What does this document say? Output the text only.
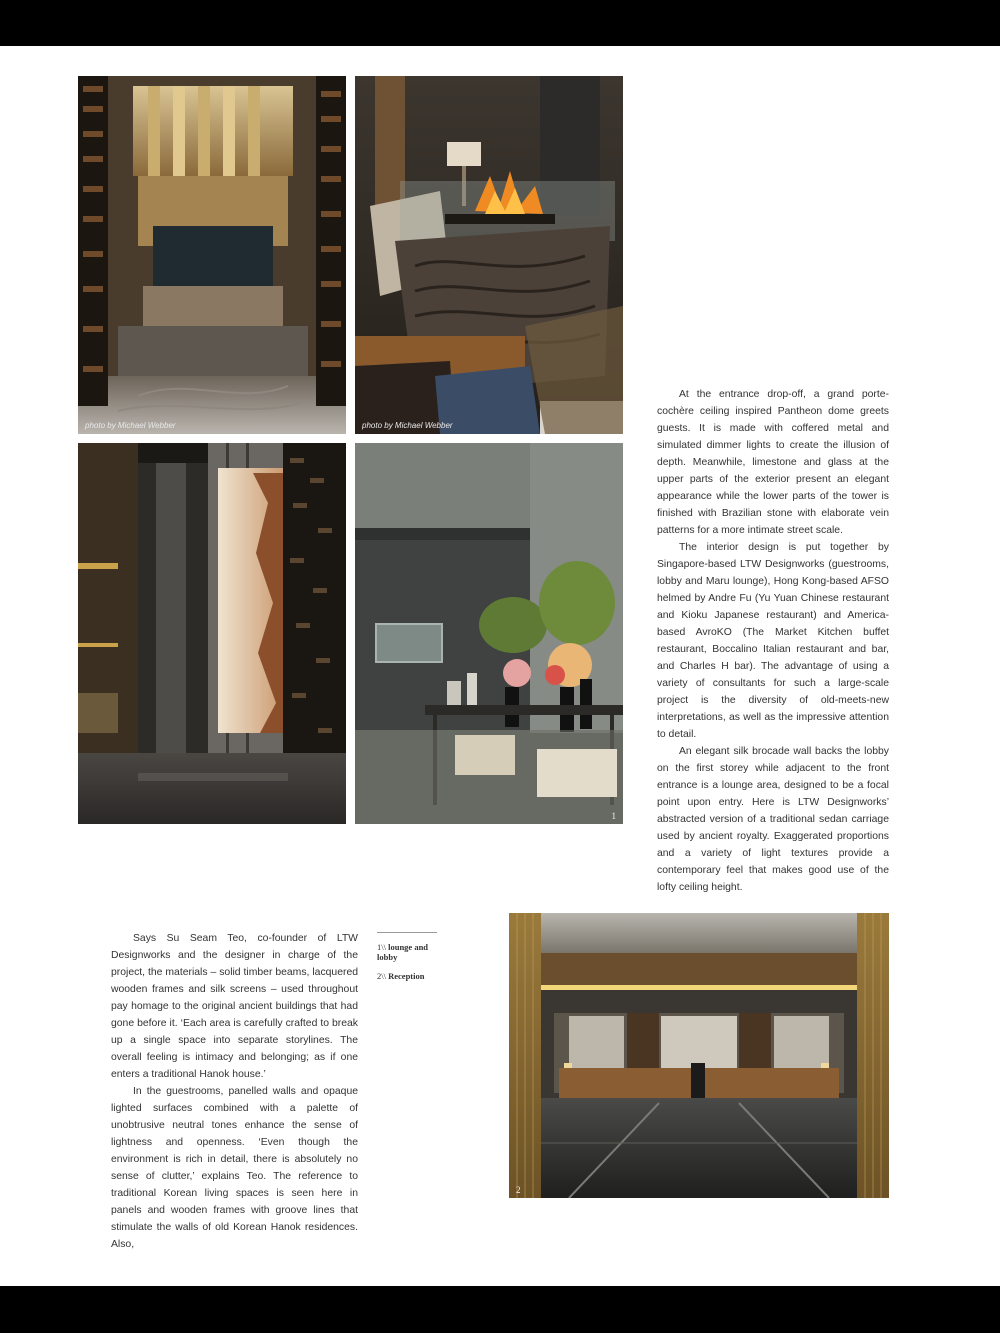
photo by Michael Webber	photo by Michael Webber
1

At the entrance drop-off, a grand porte-cochère ceiling inspired Pantheon dome greets guests. It is made with coffered metal and simulated dimmer lights to create the illusion of depth. Meanwhile, limestone and glass at the upper parts of the exterior present an elegant appearance while the lower parts of the tower is finished with Brazilian stone with elaborate vein patterns for a more intimate street scale.

The interior design is put together by Singapore-based LTW Designworks (guestrooms, lobby and Maru lounge), Hong Kong-based AFSO helmed by Andre Fu (Yu Yuan Chinese restaurant and Kioku Japanese restaurant) and America-based AvroKO (The Market Kitchen buffet restaurant, Boccalino Italian restaurant and bar, and Charles H bar). The advantage of using a variety of consultants for such a large-scale project is the diversity of old-meets-new interpretations, as well as the impressive attention to detail.

An elegant silk brocade wall backs the lobby on the first storey while adjacent to the front entrance is a lounge area, designed to be a focal point upon entry. Here is LTW Designworks’ abstracted version of a traditional sedan carriage used by ancient royalty. Exaggerated proportions and a variety of light textures provide a contemporary feel that makes good use of the lofty ceiling height.

Says Su Seam Teo, co-founder of LTW Designworks and the designer in charge of the project, the materials – solid timber beams, lacquered wooden frames and silk screens – used throughout pay homage to the original ancient buildings that had gone before it. ‘Each area is carefully crafted to break up a single space into separate storylines. The overall feeling is intimacy and belonging; as if one enters a traditional Hanok house.’

In the guestrooms, panelled walls and opaque lighted surfaces combined with a palette of unobtrusive neutral tones enhance the sense of lightness and openness. ‘Even though the environment is rich in detail, there is absolutely no sense of clutter,’ explains Teo. The reference to traditional Korean living spaces is seen here in panels and wooden frames with groove lines that stimulate the walls of old Korean Hanok residences. Also,

1\\ lounge and lobby
2\\ Reception
2
